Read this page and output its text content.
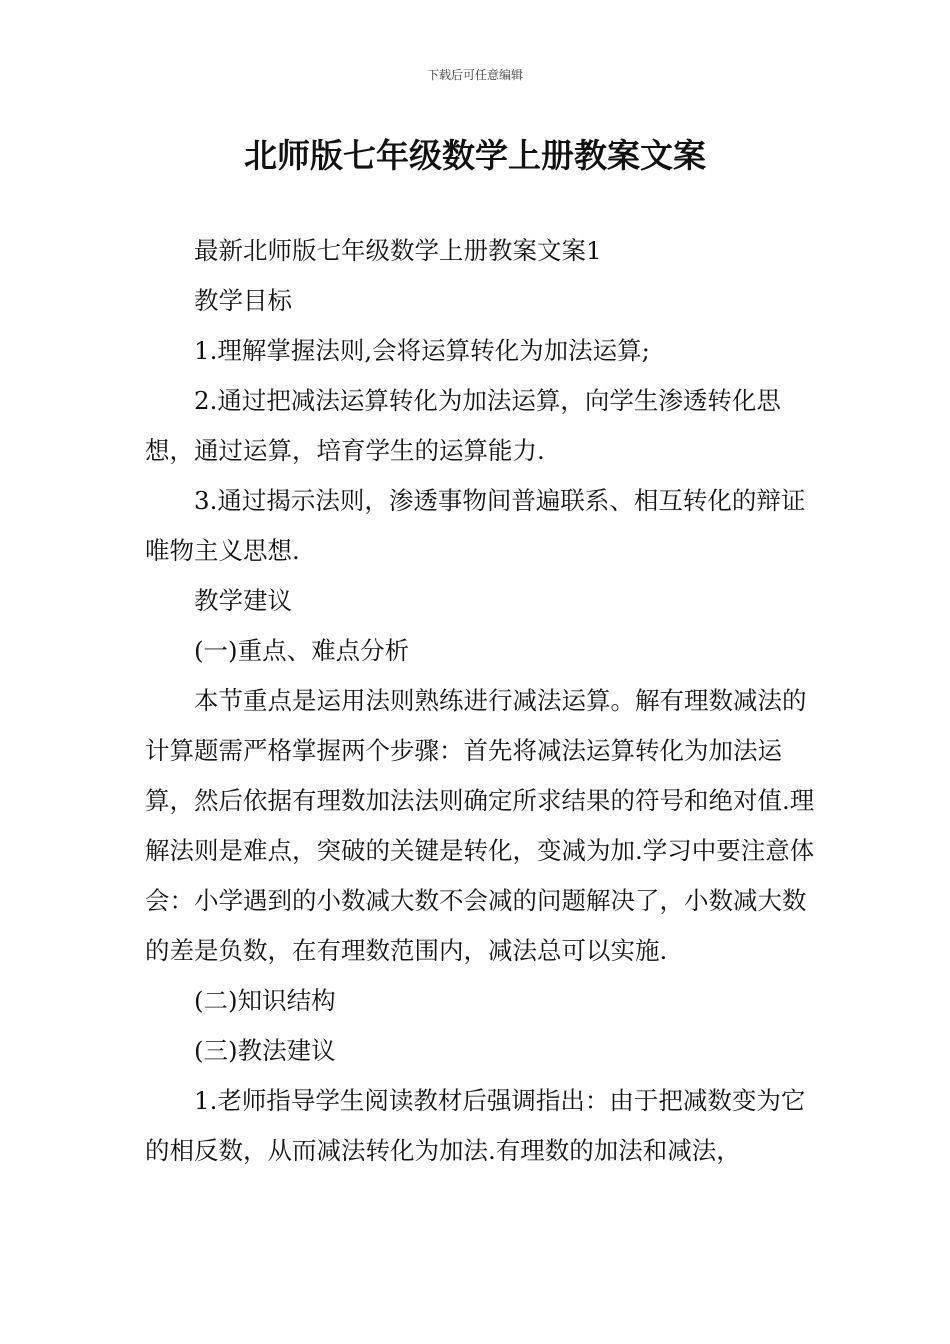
下载后可任意编辑
北师版七年级数学上册教案文案

最新北师版七年级数学上册教案文案1

教学目标

1.理解掌握法则,会将运算转化为加法运算;

2.通过把减法运算转化为加法运算，向学生渗透转化思想，通过运算，培育学生的运算能力.

3.通过揭示法则，渗透事物间普遍联系、相互转化的辩证唯物主义思想.

教学建议

(一)重点、难点分析

本节重点是运用法则熟练进行减法运算。解有理数减法的计算题需严格掌握两个步骤：首先将减法运算转化为加法运算，然后依据有理数加法法则确定所求结果的符号和绝对值.理解法则是难点，突破的关键是转化，变减为加.学习中要注意体会：小学遇到的小数减大数不会减的问题解决了，小数减大数的差是负数，在有理数范围内，减法总可以实施.

(二)知识结构

(三)教法建议

1.老师指导学生阅读教材后强调指出：由于把减数变为它的相反数，从而减法转化为加法.有理数的加法和减法，
